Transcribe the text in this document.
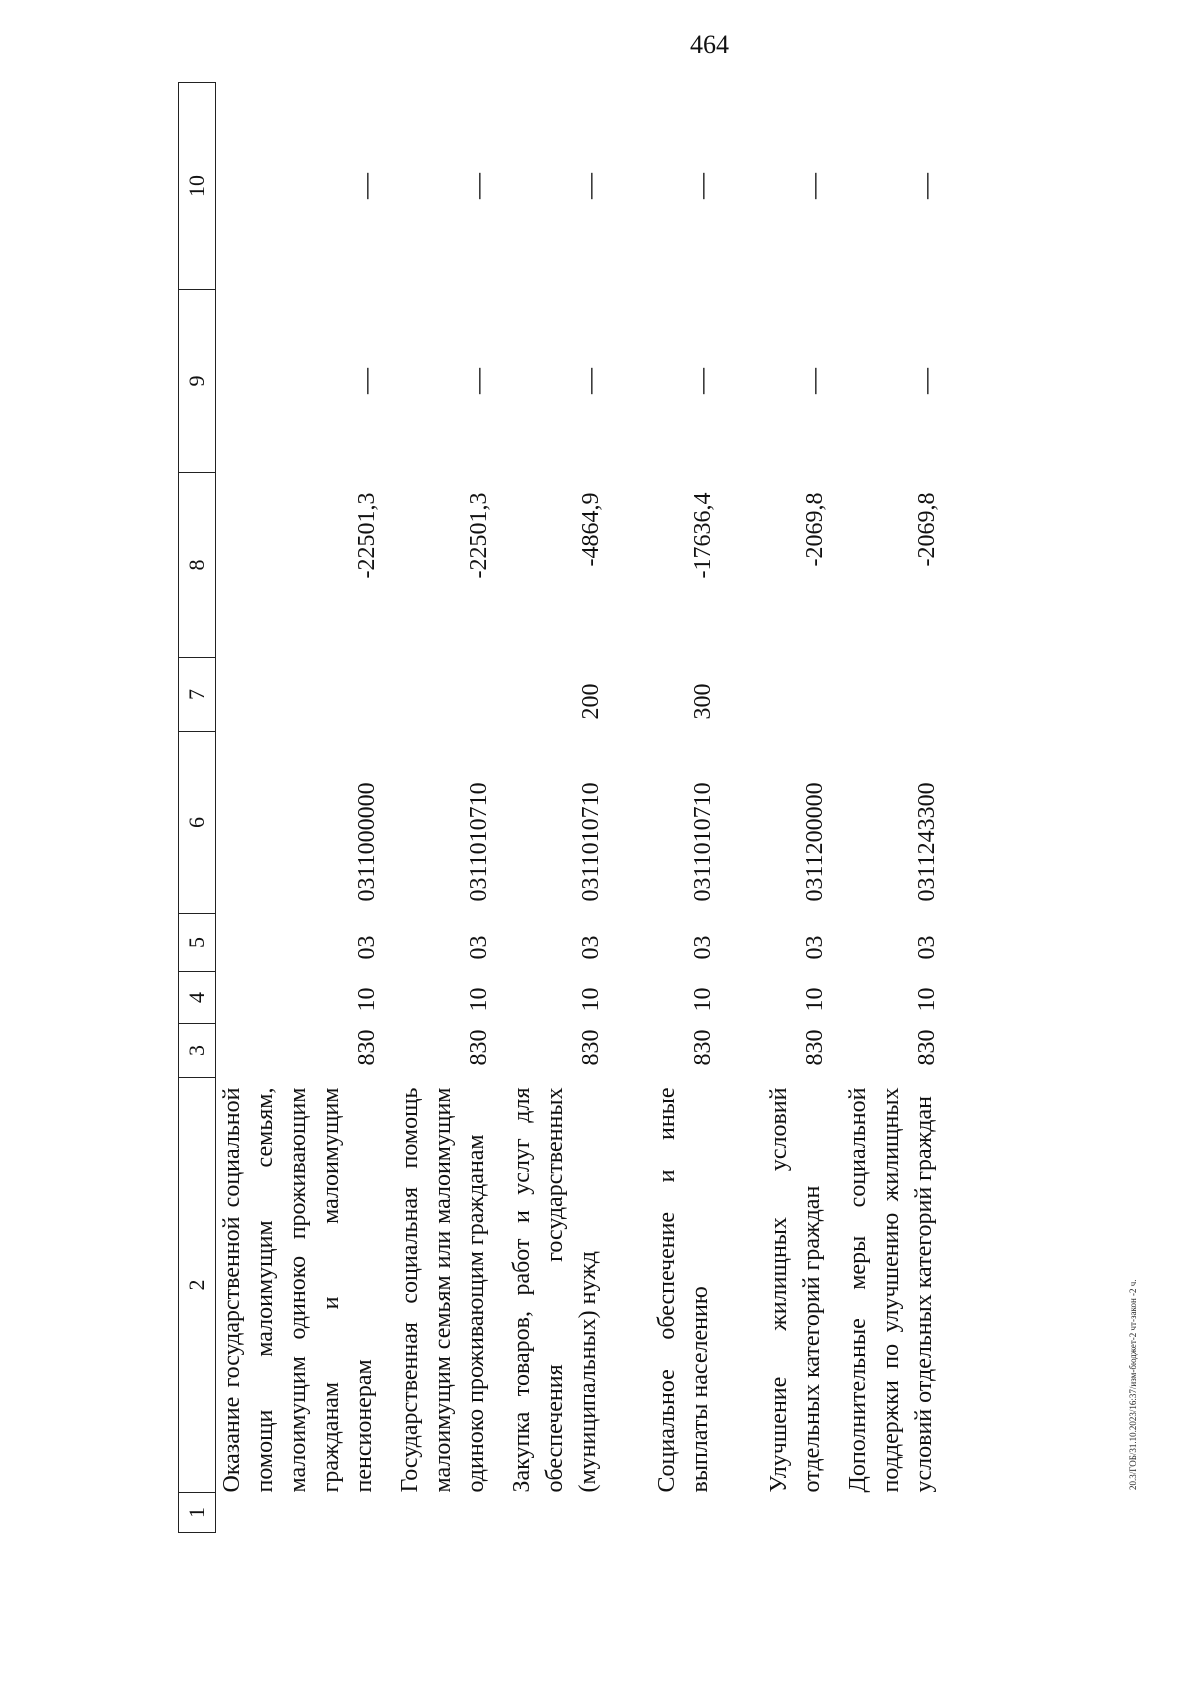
464
20.3/ГОБ/31.10.2023/16:37/изм-бюджет-2 чт-закон -2 ч.
1	2	3	4	5	6	7	8	9	10
Оказание государственной социальной помощи малоимущим семьям, малоимущим одиноко проживающим гражданам и малоимущим пенсионерам		830	10	03	0311000000		-22501,3	—	—
Государственная социальная помощь малоимущим семьям или малоимущим одиноко проживающим гражданам		830	10	03	0311010710		-22501,3	—	—
Закупка товаров, работ и услуг для обеспечения государственных (муниципальных) нужд		830	10	03	0311010710	200	-4864,9	—	—
Социальное обеспечение и иные выплаты населению		830	10	03	0311010710	300	-17636,4	—	—
Улучшение жилищных условий отдельных категорий граждан		830	10	03	0311200000		-2069,8	—	—
Дополнительные меры социальной поддержки по улучшению жилищных условий отдельных категорий граждан		830	10	03	0311243300		-2069,8	—	—
